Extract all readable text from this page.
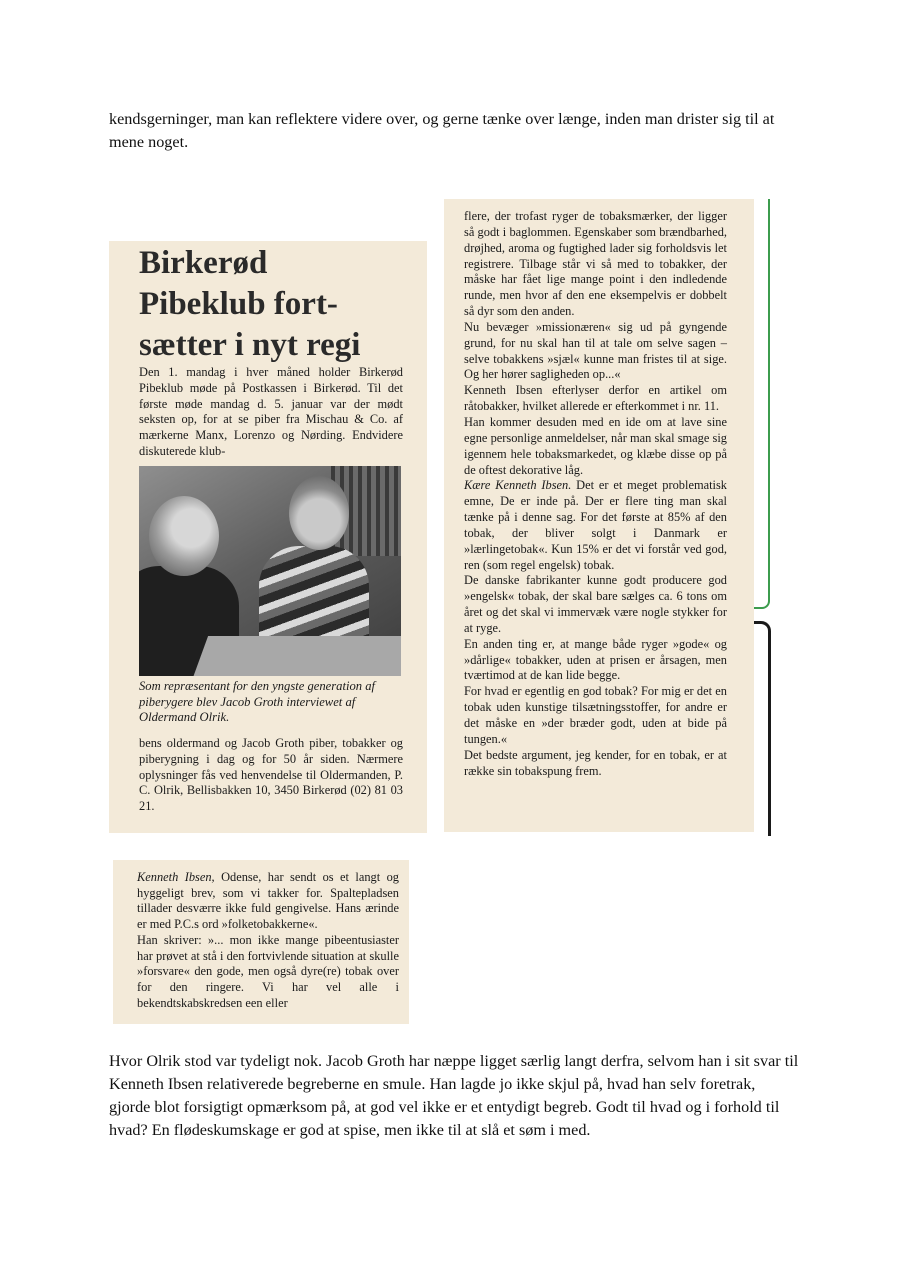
kendsgerninger, man kan reflektere videre over, og gerne tænke over længe, inden man drister sig til at mene noget.

Birkerød
Pibeklub fort-
sætter i nyt regi

Den 1. mandag i hver måned holder Birkerød Pibeklub møde på Postkassen i Birkerød. Til det første møde mandag d. 5. januar var der mødt seksten op, for at se piber fra Mischau & Co. af mærkerne Manx, Lorenzo og Nørding. Endvidere diskuterede klub-

Som repræsentant for den yngste generation af piberygere blev Jacob Groth interviewet af Oldermand Olrik.

bens oldermand og Jacob Groth piber, tobakker og piberygning i dag og for 50 år siden. Nærmere oplysninger fås ved henvendelse til Oldermanden, P. C. Olrik, Bellisbakken 10, 3450 Birkerød (02) 81 03 21.

flere, der trofast ryger de tobaksmærker, der ligger så godt i baglommen. Egenskaber som brændbarhed, drøjhed, aroma og fugtighed lader sig forholdsvis let registrere. Tilbage står vi så med to tobakker, der måske har fået lige mange point i den indledende runde, men hvor af den ene eksempelvis er dobbelt så dyr som den anden.

Nu bevæger »missionæren« sig ud på gyngende grund, for nu skal han til at tale om selve sagen – selve tobakkens »sjæl« kunne man fristes til at sige. Og her hører sagligheden op...«

Kenneth Ibsen efterlyser derfor en artikel om råtobakker, hvilket allerede er efterkommet i nr. 11.

Han kommer desuden med en ide om at lave sine egne personlige anmeldelser, når man skal smage sig igennem hele tobaksmarkedet, og klæbe disse op på de oftest dekorative låg.

Kære Kenneth Ibsen. Det er et meget problematisk emne, De er inde på. Der er flere ting man skal tænke på i denne sag. For det første at 85% af den tobak, der bliver solgt i Danmark er »lærlingetobak«. Kun 15% er det vi forstår ved god, ren (som regel engelsk) tobak.

De danske fabrikanter kunne godt producere god »engelsk« tobak, der skal bare sælges ca. 6 tons om året og det skal vi immervæk være nogle stykker for at ryge.

En anden ting er, at mange både ryger »gode« og »dårlige« tobakker, uden at prisen er årsagen, men tværtimod at de kan lide begge.

For hvad er egentlig en god tobak? For mig er det en tobak uden kunstige tilsætningsstoffer, for andre er det måske en »der bræder godt, uden at bide på tungen.«

Det bedste argument, jeg kender, for en tobak, er at række sin tobakspung frem.

Kenneth Ibsen, Odense, har sendt os et langt og hyggeligt brev, som vi takker for. Spaltepladsen tillader desværre ikke fuld gengivelse. Hans ærinde er med P.C.s ord »folketobakkerne«.

Han skriver: »... mon ikke mange pibeentusiaster har prøvet at stå i den fortvivlende situation at skulle »forsvare« den gode, men også dyre(re) tobak over for den ringere. Vi har vel alle i bekendtskabskredsen een eller

Hvor Olrik stod var tydeligt nok. Jacob Groth har næppe ligget særlig langt derfra, selvom han i sit svar til Kenneth Ibsen relativerede begreberne en smule. Han lagde jo ikke skjul på, hvad han selv foretrak, gjorde blot forsigtigt opmærksom på, at god vel ikke er et entydigt begreb. Godt til hvad og i forhold til hvad? En flødeskumskage er god at spise, men ikke til at slå et søm i med.
